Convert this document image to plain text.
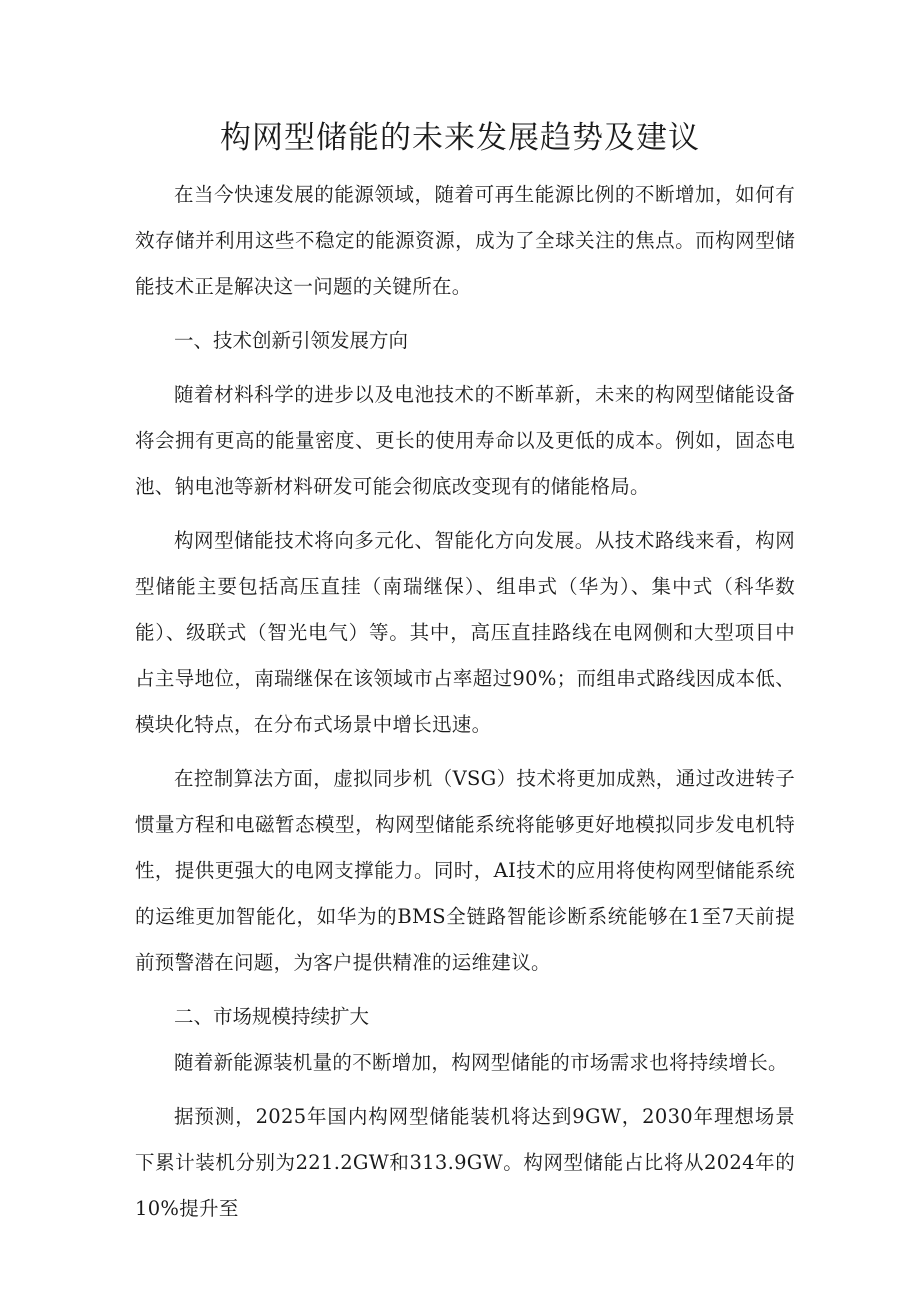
构网型储能的未来发展趋势及建议

在当今快速发展的能源领域，随着可再生能源比例的不断增加，如何有效存储并利用这些不稳定的能源资源，成为了全球关注的焦点。而构网型储能技术正是解决这一问题的关键所在。

一、技术创新引领发展方向

随着材料科学的进步以及电池技术的不断革新，未来的构网型储能设备将会拥有更高的能量密度、更长的使用寿命以及更低的成本。例如，固态电池、钠电池等新材料研发可能会彻底改变现有的储能格局。

构网型储能技术将向多元化、智能化方向发展。从技术路线来看，构网型储能主要包括高压直挂（南瑞继保）、组串式（华为）、集中式（科华数能）、级联式（智光电气）等。其中，高压直挂路线在电网侧和大型项目中占主导地位，南瑞继保在该领域市占率超过90%；而组串式路线因成本低、模块化特点，在分布式场景中增长迅速。

在控制算法方面，虚拟同步机（VSG）技术将更加成熟，通过改进转子惯量方程和电磁暂态模型，构网型储能系统将能够更好地模拟同步发电机特性，提供更强大的电网支撑能力。同时，AI技术的应用将使构网型储能系统的运维更加智能化，如华为的BMS全链路智能诊断系统能够在1至7天前提前预警潜在问题，为客户提供精准的运维建议。

二、市场规模持续扩大

随着新能源装机量的不断增加，构网型储能的市场需求也将持续增长。

据预测，2025年国内构网型储能装机将达到9GW，2030年理想场景下累计装机分别为221.2GW和313.9GW。构网型储能占比将从2024年的10%提升至
